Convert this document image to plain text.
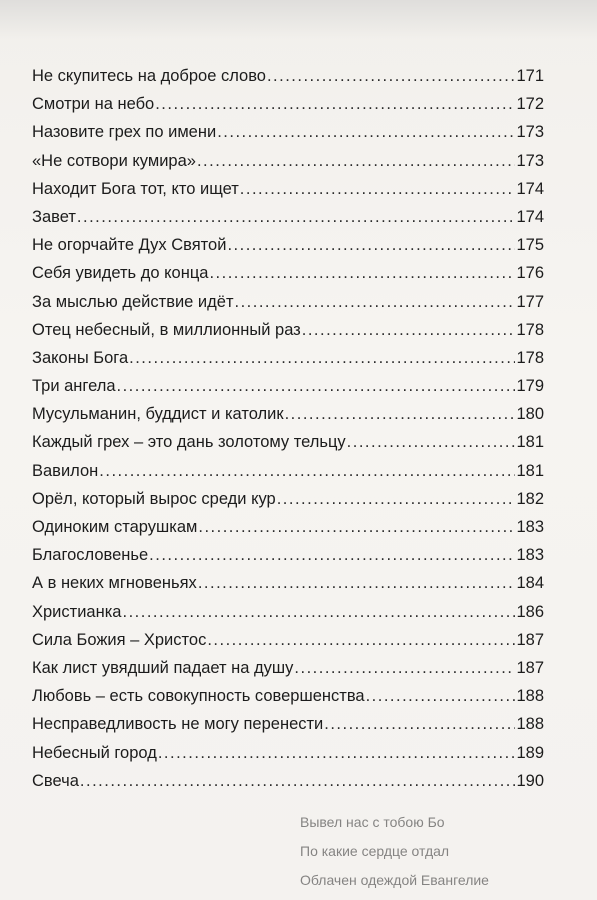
Не скупитесь на доброе слово .....	171
Смотри на небо .....	172
Назовите грех по имени .....	173
«Не сотвори кумира» .....	173
Находит Бога тот, кто ищет .....	174
Завет .....	174
Не огорчайте Дух Святой .....	175
Себя увидеть до конца .....	176
За мыслью действие идёт .....	177
Отец небесный, в миллионный раз .....	178
Законы Бога .....	178
Три ангела .....	179
Мусульманин, буддист и католик .....	180
Каждый грех – это дань золотому тельцу .....	181
Вавилон .....	181
Орёл, который вырос среди кур .....	182
Одиноким старушкам .....	183
Благословенье .....	183
А в неких мгновеньях .....	184
Христианка .....	186
Сила Божия – Христос .....	187
Как лист увядший падает на душу .....	187
Любовь – есть совокупность совершенства .....	188
Несправедливость не могу перенести .....	188
Небесный город .....	189
Свеча .....	190
Вывел нас с тобою Бо
По какие сердце отдал
Облачен одеждой Евангелие
